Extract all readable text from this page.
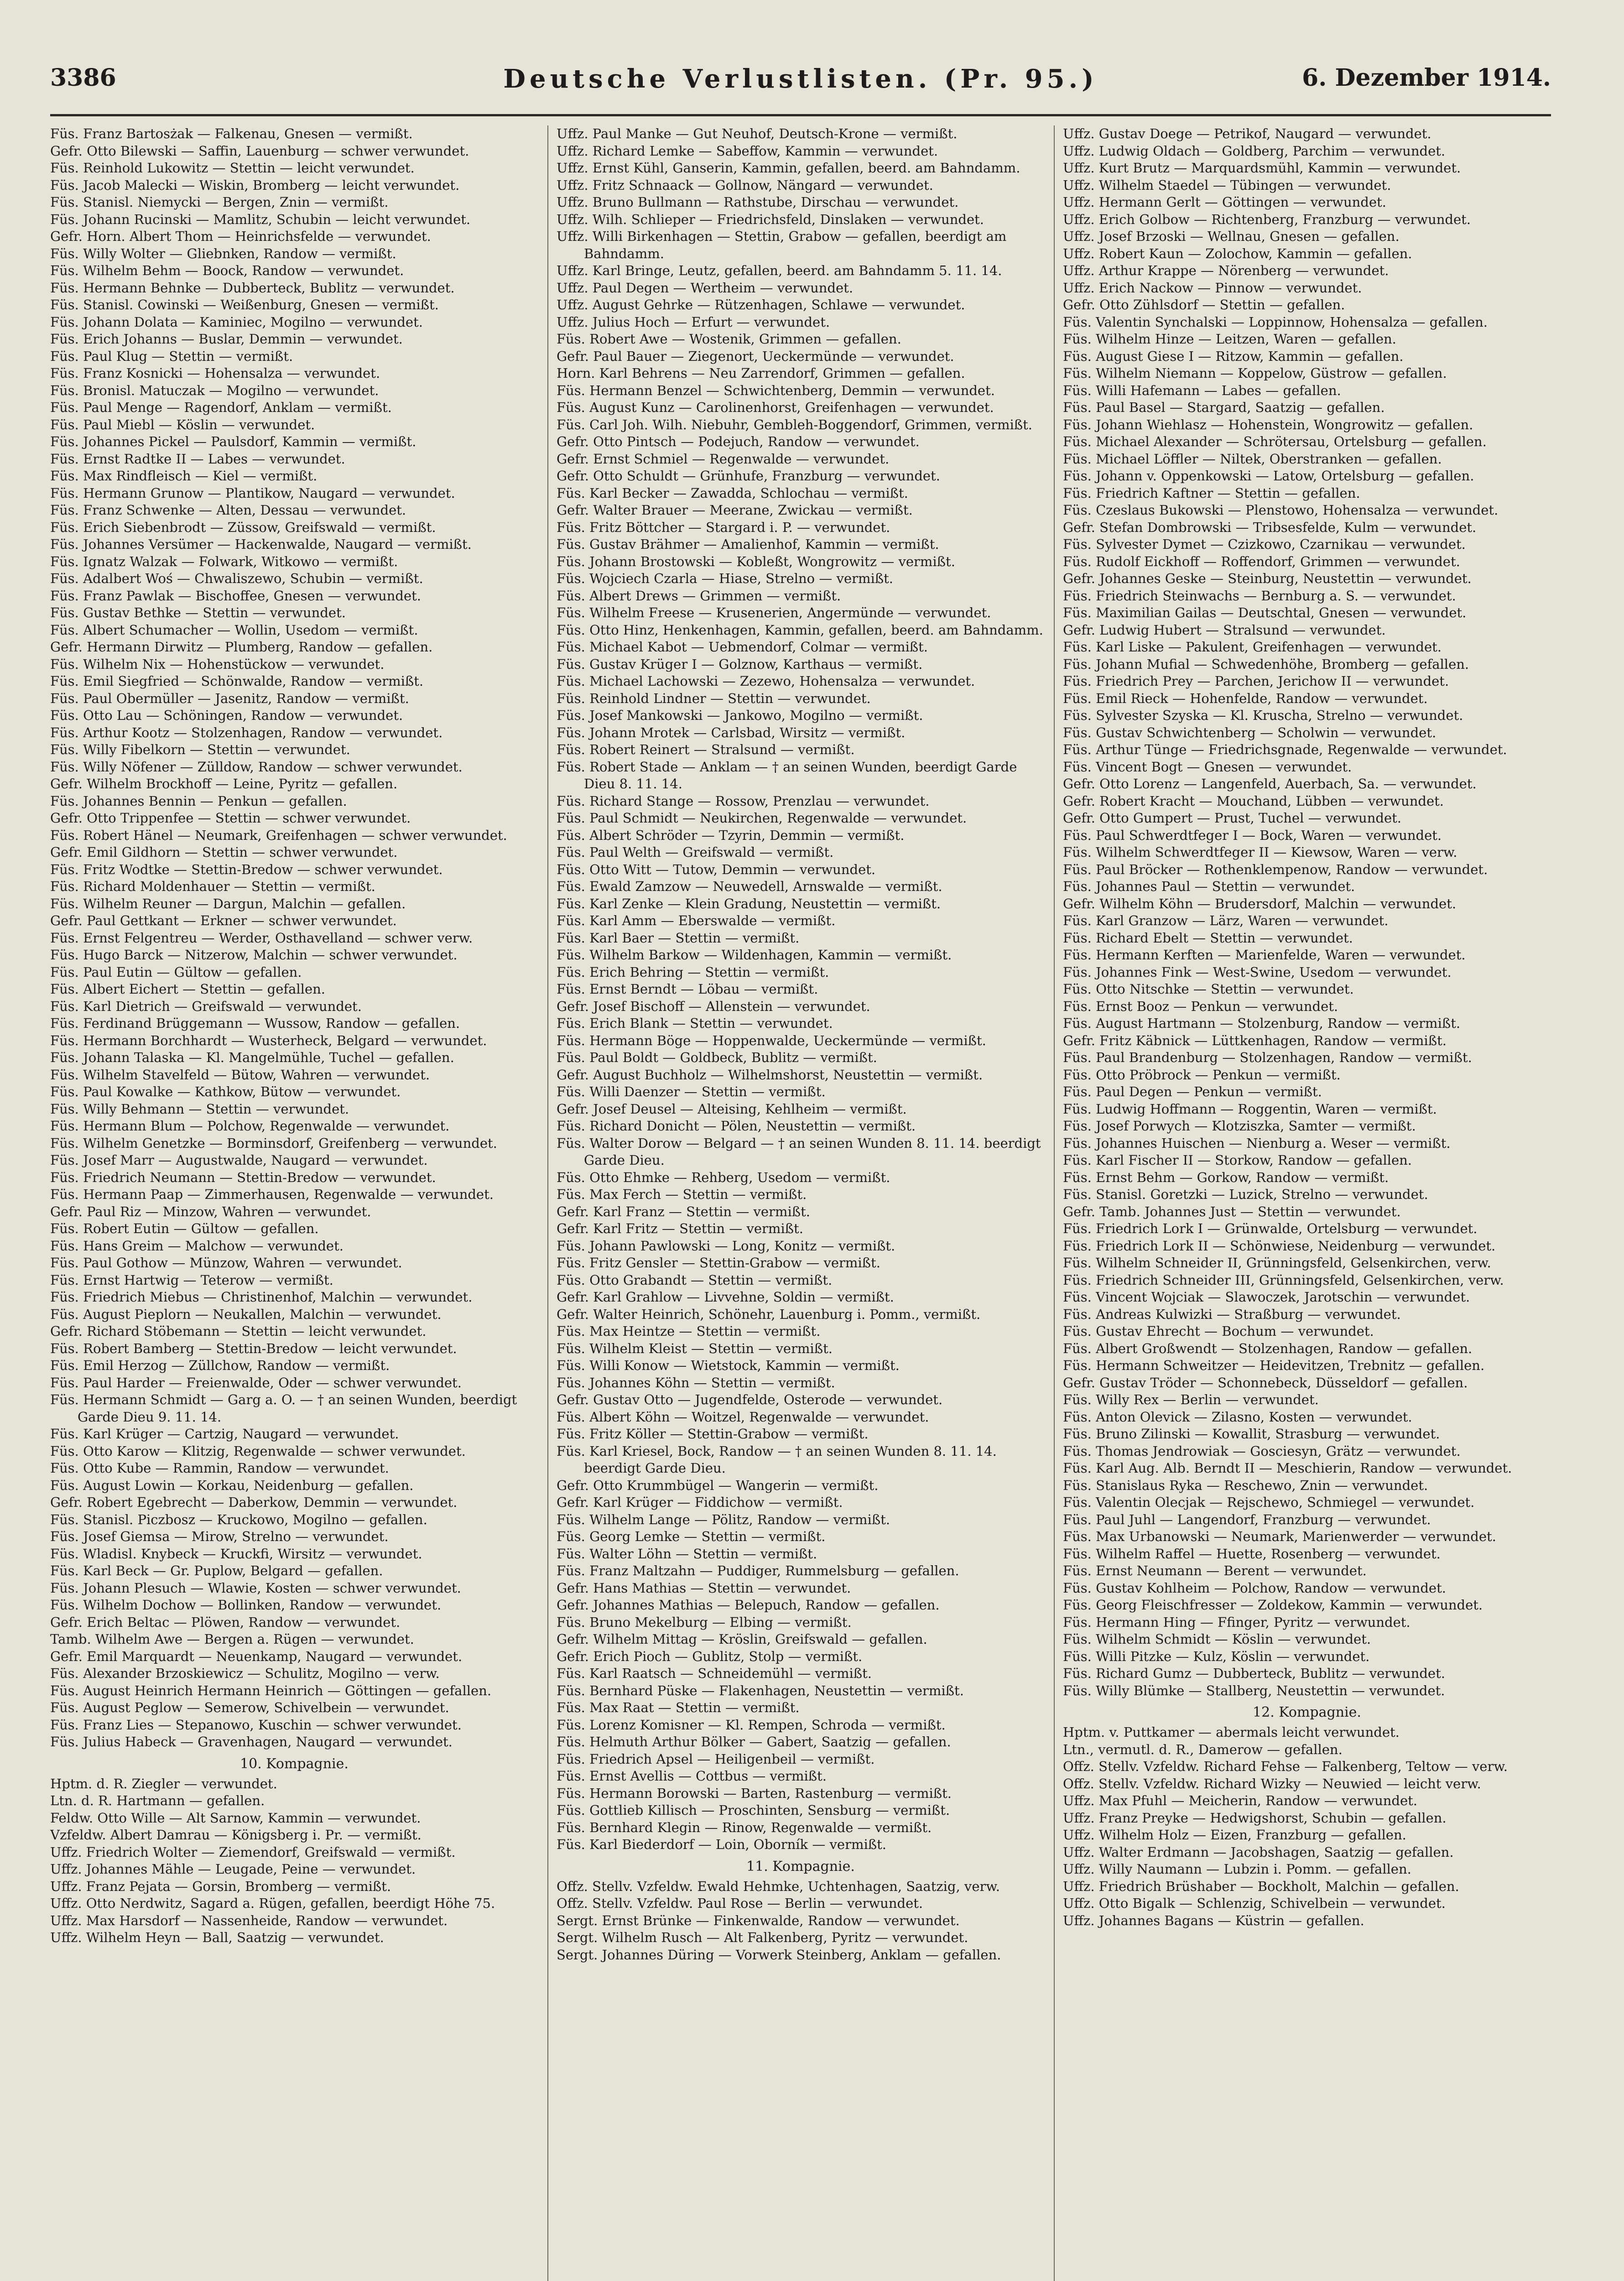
3386	Deutsche Verlustlisten. (Pr. 95.)	6. Dezember 1914.

Füs. Franz Bartosżak — Falkenau, Gnesen — vermißt.

Gefr. Otto Bilewski — Saffin, Lauenburg — schwer verwundet.

Füs. Reinhold Lukowitz — Stettin — leicht verwundet.

Füs. Jacob Malecki — Wiskin, Bromberg — leicht verwundet.

Füs. Stanisl. Niemycki — Bergen, Znin — vermißt.

Füs. Johann Rucinski — Mamlitz, Schubin — leicht verwundet.

Gefr. Horn. Albert Thom — Heinrichsfelde — verwundet.

Füs. Willy Wolter — Gliebnken, Randow — vermißt.

Füs. Wilhelm Behm — Boock, Randow — verwundet.

Füs. Hermann Behnke — Dubberteck, Bublitz — verwundet.

Füs. Stanisl. Cowinski — Weißenburg, Gnesen — vermißt.

Füs. Johann Dolata — Kaminiec, Mogilno — verwundet.

Füs. Erich Johanns — Buslar, Demmin — verwundet.

Füs. Paul Klug — Stettin — vermißt.

Füs. Franz Kosnicki — Hohensalza — verwundet.

Füs. Bronisl. Matuczak — Mogilno — verwundet.

Füs. Paul Menge — Ragendorf, Anklam — vermißt.

Füs. Paul Miebl — Köslin — verwundet.

Füs. Johannes Pickel — Paulsdorf, Kammin — vermißt.

Füs. Ernst Radtke II — Labes — verwundet.

Füs. Max Rindfleisch — Kiel — vermißt.

Füs. Hermann Grunow — Plantikow, Naugard — verwundet.

Füs. Franz Schwenke — Alten, Dessau — verwundet.

Füs. Erich Siebenbrodt — Züssow, Greifswald — vermißt.

Füs. Johannes Versümer — Hackenwalde, Naugard — vermißt.

Füs. Ignatz Walzak — Folwark, Witkowo — vermißt.

Füs. Adalbert Woś — Chwaliszewo, Schubin — vermißt.

Füs. Franz Pawlak — Bischoffee, Gnesen — verwundet.

Füs. Gustav Bethke — Stettin — verwundet.

Füs. Albert Schumacher — Wollin, Usedom — vermißt.

Gefr. Hermann Dirwitz — Plumberg, Randow — gefallen.

Füs. Wilhelm Nix — Hohenstückow — verwundet.

Füs. Emil Siegfried — Schönwalde, Randow — vermißt.

Füs. Paul Obermüller — Jasenitz, Randow — vermißt.

Füs. Otto Lau — Schöningen, Randow — verwundet.

Füs. Arthur Kootz — Stolzenhagen, Randow — verwundet.

Füs. Willy Fibelkorn — Stettin — verwundet.

Füs. Willy Nöfener — Zülldow, Randow — schwer verwundet.

Gefr. Wilhelm Brockhoff — Leine, Pyritz — gefallen.

Füs. Johannes Bennin — Penkun — gefallen.

Gefr. Otto Trippenfee — Stettin — schwer verwundet.

Füs. Robert Hänel — Neumark, Greifenhagen — schwer verwundet.

Gefr. Emil Gildhorn — Stettin — schwer verwundet.

Füs. Fritz Wodtke — Stettin-Bredow — schwer verwundet.

Füs. Richard Moldenhauer — Stettin — vermißt.

Füs. Wilhelm Reuner — Dargun, Malchin — gefallen.

Gefr. Paul Gettkant — Erkner — schwer verwundet.

Füs. Ernst Felgentreu — Werder, Osthavelland — schwer verw.

Füs. Hugo Barck — Nitzerow, Malchin — schwer verwundet.

Füs. Paul Eutin — Gültow — gefallen.

Füs. Albert Eichert — Stettin — gefallen.

Füs. Karl Dietrich — Greifswald — verwundet.

Füs. Ferdinand Brüggemann — Wussow, Randow — gefallen.

Füs. Hermann Borchhardt — Wusterheck, Belgard — verwundet.

Füs. Johann Talaska — Kl. Mangelmühle, Tuchel — gefallen.

Füs. Wilhelm Stavelfeld — Bütow, Wahren — verwundet.

Füs. Paul Kowalke — Kathkow, Bütow — verwundet.

Füs. Willy Behmann — Stettin — verwundet.

Füs. Hermann Blum — Polchow, Regenwalde — verwundet.

Füs. Wilhelm Genetzke — Borminsdorf, Greifenberg — verwundet.

Füs. Josef Marr — Augustwalde, Naugard — verwundet.

Füs. Friedrich Neumann — Stettin-Bredow — verwundet.

Füs. Hermann Paap — Zimmerhausen, Regenwalde — verwundet.

Gefr. Paul Riz — Minzow, Wahren — verwundet.

Füs. Robert Eutin — Gültow — gefallen.

Füs. Hans Greim — Malchow — verwundet.

Füs. Paul Gothow — Münzow, Wahren — verwundet.

Füs. Ernst Hartwig — Teterow — vermißt.

Füs. Friedrich Miebus — Christinenhof, Malchin — verwundet.

Füs. August Pieplorn — Neukallen, Malchin — verwundet.

Gefr. Richard Stöbemann — Stettin — leicht verwundet.

Füs. Robert Bamberg — Stettin-Bredow — leicht verwundet.

Füs. Emil Herzog — Züllchow, Randow — vermißt.

Füs. Paul Harder — Freienwalde, Oder — schwer verwundet.

Füs. Hermann Schmidt — Garg a. O. — † an seinen Wunden, beerdigt Garde Dieu 9. 11. 14.

Füs. Karl Krüger — Cartzig, Naugard — verwundet.

Füs. Otto Karow — Klitzig, Regenwalde — schwer verwundet.

Füs. Otto Kube — Rammin, Randow — verwundet.

Füs. August Lowin — Korkau, Neidenburg — gefallen.

Gefr. Robert Egebrecht — Daberkow, Demmin — verwundet.

Füs. Stanisl. Piczbosz — Kruckowo, Mogilno — gefallen.

Füs. Josef Giemsa — Mirow, Strelno — verwundet.

Füs. Wladisl. Knybeck — Kruckfi, Wirsitz — verwundet.

Füs. Karl Beck — Gr. Puplow, Belgard — gefallen.

Füs. Johann Plesuch — Wlawie, Kosten — schwer verwundet.

Füs. Wilhelm Dochow — Bollinken, Randow — verwundet.

Gefr. Erich Beltac — Plöwen, Randow — verwundet.

Tamb. Wilhelm Awe — Bergen a. Rügen — verwundet.

Gefr. Emil Marquardt — Neuenkamp, Naugard — verwundet.

Füs. Alexander Brzoskiewicz — Schulitz, Mogilno — verw.

Füs. August Heinrich Hermann Heinrich — Göttingen — gefallen.

Füs. August Peglow — Semerow, Schivelbein — verwundet.

Füs. Franz Lies — Stepanowo, Kuschin — schwer verwundet.

Füs. Julius Habeck — Gravenhagen, Naugard — verwundet.

10. Kompagnie.

Hptm. d. R. Ziegler — verwundet.

Ltn. d. R. Hartmann — gefallen.

Feldw. Otto Wille — Alt Sarnow, Kammin — verwundet.

Vzfeldw. Albert Damrau — Königsberg i. Pr. — vermißt.

Uffz. Friedrich Wolter — Ziemendorf, Greifswald — vermißt.

Uffz. Johannes Mähle — Leugade, Peine — verwundet.

Uffz. Franz Pejata — Gorsin, Bromberg — vermißt.

Uffz. Otto Nerdwitz, Sagard a. Rügen, gefallen, beerdigt Höhe 75.

Uffz. Max Harsdorf — Nassenheide, Randow — verwundet.

Uffz. Wilhelm Heyn — Ball, Saatzig — verwundet.

Uffz. Paul Manke — Gut Neuhof, Deutsch-Krone — vermißt.

Uffz. Richard Lemke — Sabeffow, Kammin — verwundet.

Uffz. Ernst Kühl, Ganserin, Kammin, gefallen, beerd. am Bahndamm.

Uffz. Fritz Schnaack — Gollnow, Nängard — verwundet.

Uffz. Bruno Bullmann — Rathstube, Dirschau — verwundet.

Uffz. Wilh. Schlieper — Friedrichsfeld, Dinslaken — verwundet.

Uffz. Willi Birkenhagen — Stettin, Grabow — gefallen, beerdigt am Bahndamm.

Uffz. Karl Bringe, Leutz, gefallen, beerd. am Bahndamm 5. 11. 14.

Uffz. Paul Degen — Wertheim — verwundet.

Uffz. August Gehrke — Rützenhagen, Schlawe — verwundet.

Uffz. Julius Hoch — Erfurt — verwundet.

Füs. Robert Awe — Wostenik, Grimmen — gefallen.

Gefr. Paul Bauer — Ziegenort, Ueckermünde — verwundet.

Horn. Karl Behrens — Neu Zarrendorf, Grimmen — gefallen.

Füs. Hermann Benzel — Schwichtenberg, Demmin — verwundet.

Füs. August Kunz — Carolinenhorst, Greifenhagen — verwundet.

Füs. Carl Joh. Wilh. Niebuhr, Gembleh-Boggendorf, Grimmen, vermißt.

Gefr. Otto Pintsch — Podejuch, Randow — verwundet.

Gefr. Ernst Schmiel — Regenwalde — verwundet.

Gefr. Otto Schuldt — Grünhufe, Franzburg — verwundet.

Füs. Karl Becker — Zawadda, Schlochau — vermißt.

Gefr. Walter Brauer — Meerane, Zwickau — vermißt.

Füs. Fritz Böttcher — Stargard i. P. — verwundet.

Füs. Gustav Brähmer — Amalienhof, Kammin — vermißt.

Füs. Johann Brostowski — Kobleßt, Wongrowitz — vermißt.

Füs. Wojciech Czarla — Hiase, Strelno — vermißt.

Füs. Albert Drews — Grimmen — vermißt.

Füs. Wilhelm Freese — Krusenerien, Angermünde — verwundet.

Füs. Otto Hinz, Henkenhagen, Kammin, gefallen, beerd. am Bahndamm.

Füs. Michael Kabot — Uebmendorf, Colmar — vermißt.

Füs. Gustav Krüger I — Golznow, Karthaus — vermißt.

Füs. Michael Lachowski — Zezewo, Hohensalza — verwundet.

Füs. Reinhold Lindner — Stettin — verwundet.

Füs. Josef Mankowski — Jankowo, Mogilno — vermißt.

Füs. Johann Mrotek — Carlsbad, Wirsitz — vermißt.

Füs. Robert Reinert — Stralsund — vermißt.

Füs. Robert Stade — Anklam — † an seinen Wunden, beerdigt Garde Dieu 8. 11. 14.

Füs. Richard Stange — Rossow, Prenzlau — verwundet.

Füs. Paul Schmidt — Neukirchen, Regenwalde — verwundet.

Füs. Albert Schröder — Tzyrin, Demmin — vermißt.

Füs. Paul Welth — Greifswald — vermißt.

Füs. Otto Witt — Tutow, Demmin — verwundet.

Füs. Ewald Zamzow — Neuwedell, Arnswalde — vermißt.

Füs. Karl Zenke — Klein Gradung, Neustettin — vermißt.

Füs. Karl Amm — Eberswalde — vermißt.

Füs. Karl Baer — Stettin — vermißt.

Füs. Wilhelm Barkow — Wildenhagen, Kammin — vermißt.

Füs. Erich Behring — Stettin — vermißt.

Füs. Ernst Berndt — Löbau — vermißt.

Gefr. Josef Bischoff — Allenstein — verwundet.

Füs. Erich Blank — Stettin — verwundet.

Füs. Hermann Böge — Hoppenwalde, Ueckermünde — vermißt.

Füs. Paul Boldt — Goldbeck, Bublitz — vermißt.

Gefr. August Buchholz — Wilhelmshorst, Neustettin — vermißt.

Füs. Willi Daenzer — Stettin — vermißt.

Gefr. Josef Deusel — Alteising, Kehlheim — vermißt.

Füs. Richard Donicht — Pölen, Neustettin — vermißt.

Füs. Walter Dorow — Belgard — † an seinen Wunden 8. 11. 14. beerdigt Garde Dieu.

Füs. Otto Ehmke — Rehberg, Usedom — vermißt.

Füs. Max Ferch — Stettin — vermißt.

Gefr. Karl Franz — Stettin — vermißt.

Gefr. Karl Fritz — Stettin — vermißt.

Füs. Johann Pawlowski — Long, Konitz — vermißt.

Füs. Fritz Gensler — Stettin-Grabow — vermißt.

Füs. Otto Grabandt — Stettin — vermißt.

Gefr. Karl Grahlow — Livvehne, Soldin — vermißt.

Gefr. Walter Heinrich, Schönehr, Lauenburg i. Pomm., vermißt.

Füs. Max Heintze — Stettin — vermißt.

Füs. Wilhelm Kleist — Stettin — vermißt.

Füs. Willi Konow — Wietstock, Kammin — vermißt.

Füs. Johannes Köhn — Stettin — vermißt.

Gefr. Gustav Otto — Jugendfelde, Osterode — verwundet.

Füs. Albert Köhn — Woitzel, Regenwalde — verwundet.

Füs. Fritz Köller — Stettin-Grabow — vermißt.

Füs. Karl Kriesel, Bock, Randow — † an seinen Wunden 8. 11. 14. beerdigt Garde Dieu.

Gefr. Otto Krummbügel — Wangerin — vermißt.

Gefr. Karl Krüger — Fiddichow — vermißt.

Füs. Wilhelm Lange — Pölitz, Randow — vermißt.

Füs. Georg Lemke — Stettin — vermißt.

Füs. Walter Löhn — Stettin — vermißt.

Füs. Franz Maltzahn — Puddiger, Rummelsburg — gefallen.

Gefr. Hans Mathias — Stettin — verwundet.

Gefr. Johannes Mathias — Belepuch, Randow — gefallen.

Füs. Bruno Mekelburg — Elbing — vermißt.

Gefr. Wilhelm Mittag — Kröslin, Greifswald — gefallen.

Gefr. Erich Pioch — Gublitz, Stolp — vermißt.

Füs. Karl Raatsch — Schneidemühl — vermißt.

Füs. Bernhard Püske — Flakenhagen, Neustettin — vermißt.

Füs. Max Raat — Stettin — vermißt.

Füs. Lorenz Komisner — Kl. Rempen, Schroda — vermißt.

Füs. Helmuth Arthur Bölker — Gabert, Saatzig — gefallen.

Füs. Friedrich Apsel — Heiligenbeil — vermißt.

Füs. Ernst Avellis — Cottbus — vermißt.

Füs. Hermann Borowski — Barten, Rastenburg — vermißt.

Füs. Gottlieb Killisch — Proschinten, Sensburg — vermißt.

Füs. Bernhard Klegin — Rinow, Regenwalde — vermißt.

Füs. Karl Biederdorf — Loin, Oborník — vermißt.

11. Kompagnie.

Offz. Stellv. Vzfeldw. Ewald Hehmke, Uchtenhagen, Saatzig, verw.

Offz. Stellv. Vzfeldw. Paul Rose — Berlin — verwundet.

Sergt. Ernst Brünke — Finkenwalde, Randow — verwundet.

Sergt. Wilhelm Rusch — Alt Falkenberg, Pyritz — verwundet.

Sergt. Johannes Düring — Vorwerk Steinberg, Anklam — gefallen.

Uffz. Gustav Doege — Petrikof, Naugard — verwundet.

Uffz. Ludwig Oldach — Goldberg, Parchim — verwundet.

Uffz. Kurt Brutz — Marquardsmühl, Kammin — verwundet.

Uffz. Wilhelm Staedel — Tübingen — verwundet.

Uffz. Hermann Gerlt — Göttingen — verwundet.

Uffz. Erich Golbow — Richtenberg, Franzburg — verwundet.

Uffz. Josef Brzoski — Wellnau, Gnesen — gefallen.

Uffz. Robert Kaun — Zolochow, Kammin — gefallen.

Uffz. Arthur Krappe — Nörenberg — verwundet.

Uffz. Erich Nackow — Pinnow — verwundet.

Gefr. Otto Zühlsdorf — Stettin — gefallen.

Füs. Valentin Synchalski — Loppinnow, Hohensalza — gefallen.

Füs. Wilhelm Hinze — Leitzen, Waren — gefallen.

Füs. August Giese I — Ritzow, Kammin — gefallen.

Füs. Wilhelm Niemann — Koppelow, Güstrow — gefallen.

Füs. Willi Hafemann — Labes — gefallen.

Füs. Paul Basel — Stargard, Saatzig — gefallen.

Füs. Johann Wiehlasz — Hohenstein, Wongrowitz — gefallen.

Füs. Michael Alexander — Schrötersau, Ortelsburg — gefallen.

Füs. Michael Löffler — Niltek, Oberstranken — gefallen.

Füs. Johann v. Oppenkowski — Latow, Ortelsburg — gefallen.

Füs. Friedrich Kaftner — Stettin — gefallen.

Füs. Czeslaus Bukowski — Plenstowo, Hohensalza — verwundet.

Gefr. Stefan Dombrowski — Tribsesfelde, Kulm — verwundet.

Füs. Sylvester Dymet — Czizkowo, Czarnikau — verwundet.

Füs. Rudolf Eickhoff — Roffendorf, Grimmen — verwundet.

Gefr. Johannes Geske — Steinburg, Neustettin — verwundet.

Füs. Friedrich Steinwachs — Bernburg a. S. — verwundet.

Füs. Maximilian Gailas — Deutschtal, Gnesen — verwundet.

Gefr. Ludwig Hubert — Stralsund — verwundet.

Füs. Karl Liske — Pakulent, Greifenhagen — verwundet.

Füs. Johann Mufial — Schwedenhöhe, Bromberg — gefallen.

Füs. Friedrich Prey — Parchen, Jerichow II — verwundet.

Füs. Emil Rieck — Hohenfelde, Randow — verwundet.

Füs. Sylvester Szyska — Kl. Kruscha, Strelno — verwundet.

Füs. Gustav Schwichtenberg — Scholwin — verwundet.

Füs. Arthur Tünge — Friedrichsgnade, Regenwalde — verwundet.

Füs. Vincent Bogt — Gnesen — verwundet.

Gefr. Otto Lorenz — Langenfeld, Auerbach, Sa. — verwundet.

Gefr. Robert Kracht — Mouchand, Lübben — verwundet.

Gefr. Otto Gumpert — Prust, Tuchel — verwundet.

Füs. Paul Schwerdtfeger I — Bock, Waren — verwundet.

Füs. Wilhelm Schwerdtfeger II — Kiewsow, Waren — verw.

Füs. Paul Bröcker — Rothenklempenow, Randow — verwundet.

Füs. Johannes Paul — Stettin — verwundet.

Gefr. Wilhelm Köhn — Brudersdorf, Malchin — verwundet.

Füs. Karl Granzow — Lärz, Waren — verwundet.

Füs. Richard Ebelt — Stettin — verwundet.

Füs. Hermann Kerften — Marienfelde, Waren — verwundet.

Füs. Johannes Fink — West-Swine, Usedom — verwundet.

Füs. Otto Nitschke — Stettin — verwundet.

Füs. Ernst Booz — Penkun — verwundet.

Füs. August Hartmann — Stolzenburg, Randow — vermißt.

Gefr. Fritz Käbnick — Lüttkenhagen, Randow — vermißt.

Füs. Paul Brandenburg — Stolzenhagen, Randow — vermißt.

Füs. Otto Pröbrock — Penkun — vermißt.

Füs. Paul Degen — Penkun — vermißt.

Füs. Ludwig Hoffmann — Roggentin, Waren — vermißt.

Füs. Josef Porwych — Klotziszka, Samter — vermißt.

Füs. Johannes Huischen — Nienburg a. Weser — vermißt.

Füs. Karl Fischer II — Storkow, Randow — gefallen.

Füs. Ernst Behm — Gorkow, Randow — vermißt.

Füs. Stanisl. Goretzki — Luzick, Strelno — verwundet.

Gefr. Tamb. Johannes Just — Stettin — verwundet.

Füs. Friedrich Lork I — Grünwalde, Ortelsburg — verwundet.

Füs. Friedrich Lork II — Schönwiese, Neidenburg — verwundet.

Füs. Wilhelm Schneider II, Grünningsfeld, Gelsenkirchen, verw.

Füs. Friedrich Schneider III, Grünningsfeld, Gelsenkirchen, verw.

Füs. Vincent Wojciak — Slawoczek, Jarotschin — verwundet.

Füs. Andreas Kulwizki — Straßburg — verwundet.

Füs. Gustav Ehrecht — Bochum — verwundet.

Füs. Albert Großwendt — Stolzenhagen, Randow — gefallen.

Füs. Hermann Schweitzer — Heidevitzen, Trebnitz — gefallen.

Gefr. Gustav Tröder — Schonnebeck, Düsseldorf — gefallen.

Füs. Willy Rex — Berlin — verwundet.

Füs. Anton Olevick — Zilasno, Kosten — verwundet.

Füs. Bruno Zilinski — Kowallit, Strasburg — verwundet.

Füs. Thomas Jendrowiak — Gosciesyn, Grätz — verwundet.

Füs. Karl Aug. Alb. Berndt II — Meschierin, Randow — verwundet.

Füs. Stanislaus Ryka — Reschewo, Znin — verwundet.

Füs. Valentin Olecjak — Rejschewo, Schmiegel — verwundet.

Füs. Paul Juhl — Langendorf, Franzburg — verwundet.

Füs. Max Urbanowski — Neumark, Marienwerder — verwundet.

Füs. Wilhelm Raffel — Huette, Rosenberg — verwundet.

Füs. Ernst Neumann — Berent — verwundet.

Füs. Gustav Kohlheim — Polchow, Randow — verwundet.

Füs. Georg Fleischfresser — Zoldekow, Kammin — verwundet.

Füs. Hermann Hing — Ffinger, Pyritz — verwundet.

Füs. Wilhelm Schmidt — Köslin — verwundet.

Füs. Willi Pitzke — Kulz, Köslin — verwundet.

Füs. Richard Gumz — Dubberteck, Bublitz — verwundet.

Füs. Willy Blümke — Stallberg, Neustettin — verwundet.

12. Kompagnie.

Hptm. v. Puttkamer — abermals leicht verwundet.

Ltn., vermutl. d. R., Damerow — gefallen.

Offz. Stellv. Vzfeldw. Richard Fehse — Falkenberg, Teltow — verw.

Offz. Stellv. Vzfeldw. Richard Wizky — Neuwied — leicht verw.

Uffz. Max Pfuhl — Meicherin, Randow — verwundet.

Uffz. Franz Preyke — Hedwigshorst, Schubin — gefallen.

Uffz. Wilhelm Holz — Eizen, Franzburg — gefallen.

Uffz. Walter Erdmann — Jacobshagen, Saatzig — gefallen.

Uffz. Willy Naumann — Lubzin i. Pomm. — gefallen.

Uffz. Friedrich Brüshaber — Bockholt, Malchin — gefallen.

Uffz. Otto Bigalk — Schlenzig, Schivelbein — verwundet.

Uffz. Johannes Bagans — Küstrin — gefallen.
